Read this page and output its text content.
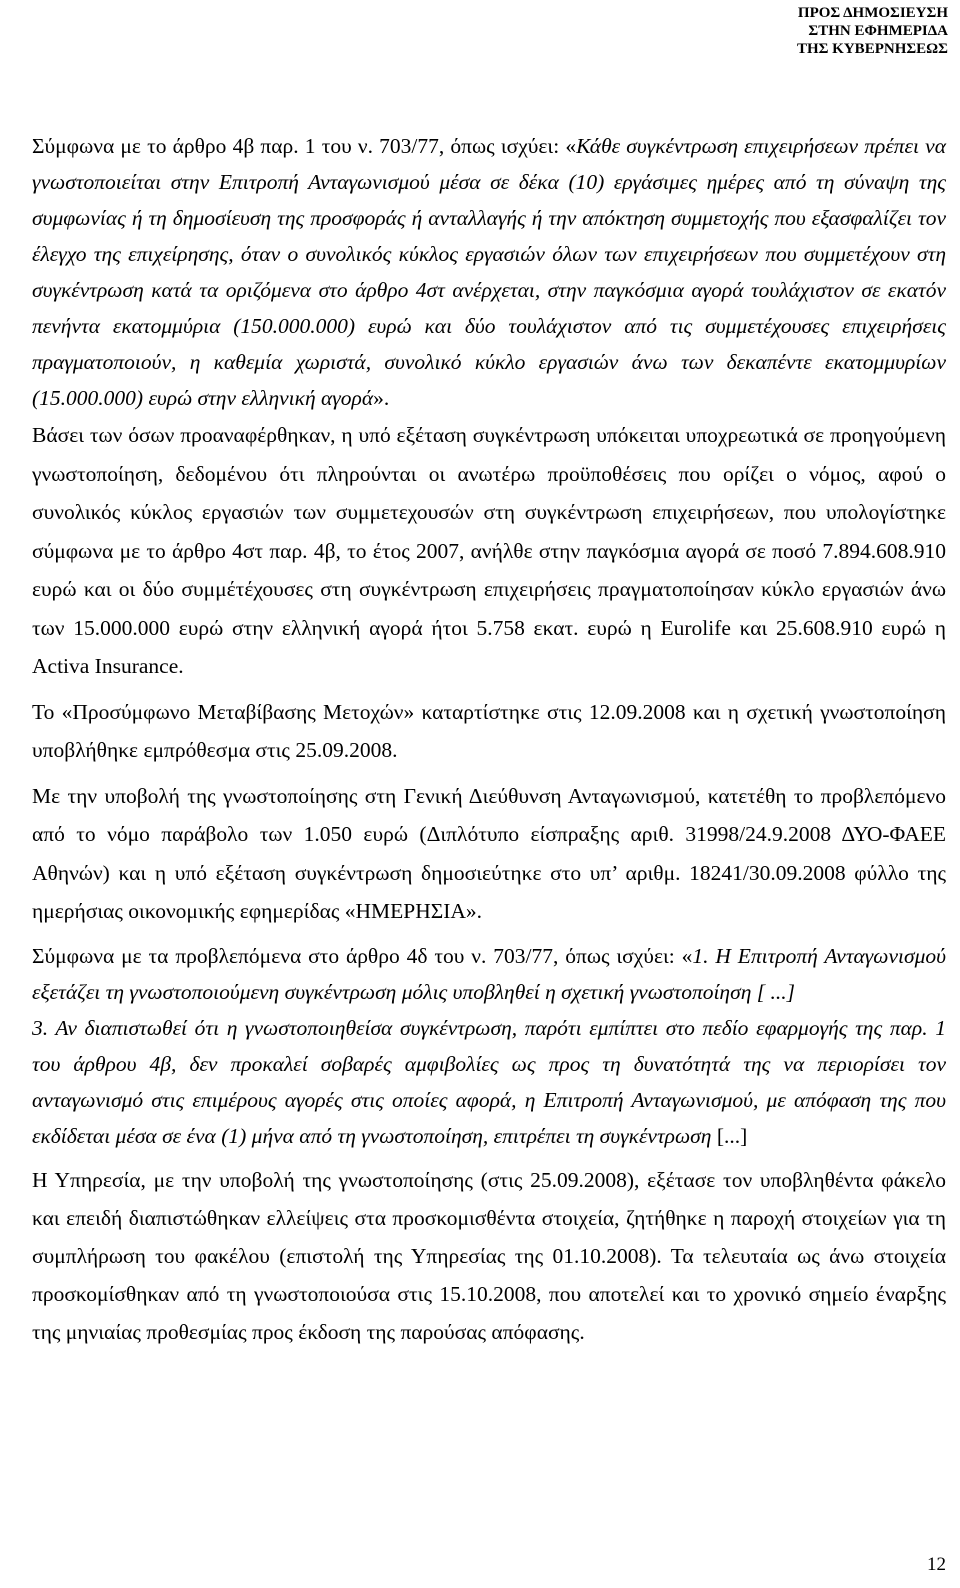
ΠΡΟΣ ΔΗΜΟΣΙΕΥΣΗ
ΣΤΗΝ ΕΦΗΜΕΡΙΔΑ
ΤΗΣ ΚΥΒΕΡΝΗΣΕΩΣ

Σύμφωνα με το άρθρο 4β παρ. 1 του ν. 703/77, όπως ισχύει: «Κάθε συγκέντρωση επιχειρήσεων πρέπει να γνωστοποιείται στην Επιτροπή Ανταγωνισμού μέσα σε δέκα (10) εργάσιμες ημέρες από τη σύναψη της συμφωνίας ή τη δημοσίευση της προσφοράς ή ανταλλαγής ή την απόκτηση συμμετοχής που εξασφαλίζει τον έλεγχο της επιχείρησης, όταν ο συνολικός κύκλος εργασιών όλων των επιχειρήσεων που συμμετέχουν στη συγκέντρωση κατά τα οριζόμενα στο άρθρο 4στ ανέρχεται, στην παγκόσμια αγορά τουλάχιστον σε εκατόν πενήντα εκατομμύρια (150.000.000) ευρώ και δύο τουλάχιστον από τις συμμετέχουσες επιχειρήσεις πραγματοποιούν, η καθεμία χωριστά, συνολικό κύκλο εργασιών άνω των δεκαπέντε εκατομμυρίων (15.000.000) ευρώ στην ελληνική αγορά».

Βάσει των όσων προαναφέρθηκαν, η υπό εξέταση συγκέντρωση υπόκειται υποχρεωτικά σε προηγούμενη γνωστοποίηση, δεδομένου ότι πληρούνται οι ανωτέρω προϋποθέσεις που ορίζει ο νόμος, αφού ο συνολικός κύκλος εργασιών των συμμετεχουσών στη συγκέντρωση επιχειρήσεων, που υπολογίστηκε σύμφωνα με το άρθρο 4στ παρ. 4β, το έτος 2007, ανήλθε στην παγκόσμια αγορά σε ποσό 7.894.608.910 ευρώ και οι δύο συμμέτέχουσες στη συγκέντρωση επιχειρήσεις πραγματοποίησαν κύκλο εργασιών άνω των 15.000.000 ευρώ στην ελληνική αγορά ήτοι 5.758 εκατ. ευρώ η Eurolife και 25.608.910 ευρώ η Activa Insurance.

Το «Προσύμφωνο Μεταβίβασης Μετοχών» καταρτίστηκε στις 12.09.2008 και η σχετική γνωστοποίηση υποβλήθηκε εμπρόθεσμα στις 25.09.2008.

Με την υποβολή της γνωστοποίησης στη Γενική Διεύθυνση Ανταγωνισμού, κατετέθη το προβλεπόμενο από το νόμο παράβολο των 1.050 ευρώ (Διπλότυπο είσπραξης αριθ. 31998/24.9.2008 ΔΥΟ-ΦΑΕΕ Αθηνών) και η υπό εξέταση συγκέντρωση δημοσιεύτηκε στο υπ’ αριθμ. 18241/30.09.2008 φύλλο της ημερήσιας οικονομικής εφημερίδας «ΗΜΕΡΗΣΙΑ».

Σύμφωνα με τα προβλεπόμενα στο άρθρο 4δ του ν. 703/77, όπως ισχύει: «1. Η Επιτροπή Ανταγωνισμού εξετάζει τη γνωστοποιούμενη συγκέντρωση μόλις υποβληθεί η σχετική γνωστοποίηση [ ...]

3. Αν διαπιστωθεί ότι η γνωστοποιηθείσα συγκέντρωση, παρότι εμπίπτει στο πεδίο εφαρμογής της παρ. 1 του άρθρου 4β, δεν προκαλεί σοβαρές αμφιβολίες ως προς τη δυνατότητά της να περιορίσει τον ανταγωνισμό στις επιμέρους αγορές στις οποίες αφορά, η Επιτροπή Ανταγωνισμού, με απόφαση της που εκδίδεται μέσα σε ένα (1) μήνα από τη γνωστοποίηση, επιτρέπει τη συγκέντρωση [...]

Η Υπηρεσία, με την υποβολή της γνωστοποίησης (στις 25.09.2008), εξέτασε τον υποβληθέντα φάκελο και επειδή διαπιστώθηκαν ελλείψεις στα προσκομισθέντα στοιχεία, ζητήθηκε η παροχή στοιχείων για τη συμπλήρωση του φακέλου (επιστολή της Υπηρεσίας της 01.10.2008). Τα τελευταία ως άνω στοιχεία προσκομίσθηκαν από τη γνωστοποιούσα στις 15.10.2008, που αποτελεί και το χρονικό σημείο έναρξης της μηνιαίας προθεσμίας προς έκδοση της παρούσας απόφασης.

12
